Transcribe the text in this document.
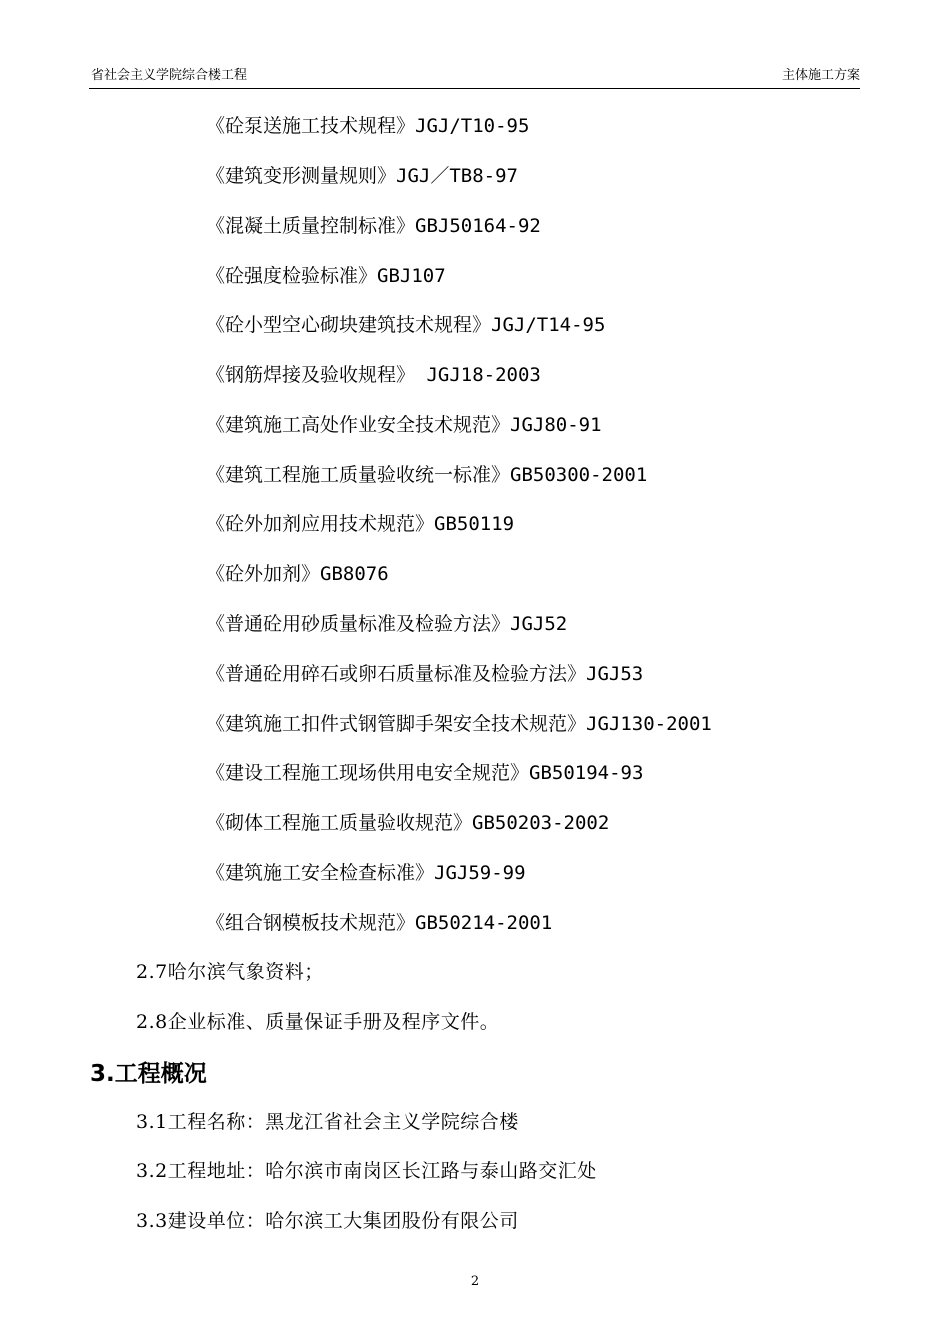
省社会主义学院综合楼工程	主体施工方案
《砼泵送施工技术规程》JGJ/T10-95
《建筑变形测量规则》JGJ／TB8-97
《混凝土质量控制标准》GBJ50164-92
《砼强度检验标准》GBJ107
《砼小型空心砌块建筑技术规程》JGJ/T14-95
《钢筋焊接及验收规程》 JGJ18-2003
《建筑施工高处作业安全技术规范》JGJ80-91
《建筑工程施工质量验收统一标准》GB50300-2001
《砼外加剂应用技术规范》GB50119
《砼外加剂》GB8076
《普通砼用砂质量标准及检验方法》JGJ52
《普通砼用碎石或卵石质量标准及检验方法》JGJ53
《建筑施工扣件式钢管脚手架安全技术规范》JGJ130-2001
《建设工程施工现场供用电安全规范》GB50194-93
《砌体工程施工质量验收规范》GB50203-2002
《建筑施工安全检查标准》JGJ59-99
《组合钢模板技术规范》GB50214-2001
2.7哈尔滨气象资料；
2.8企业标准、质量保证手册及程序文件。
3.工程概况
3.1工程名称：黑龙江省社会主义学院综合楼
3.2工程地址：哈尔滨市南岗区长江路与泰山路交汇处
3.3建设单位：哈尔滨工大集团股份有限公司
2
